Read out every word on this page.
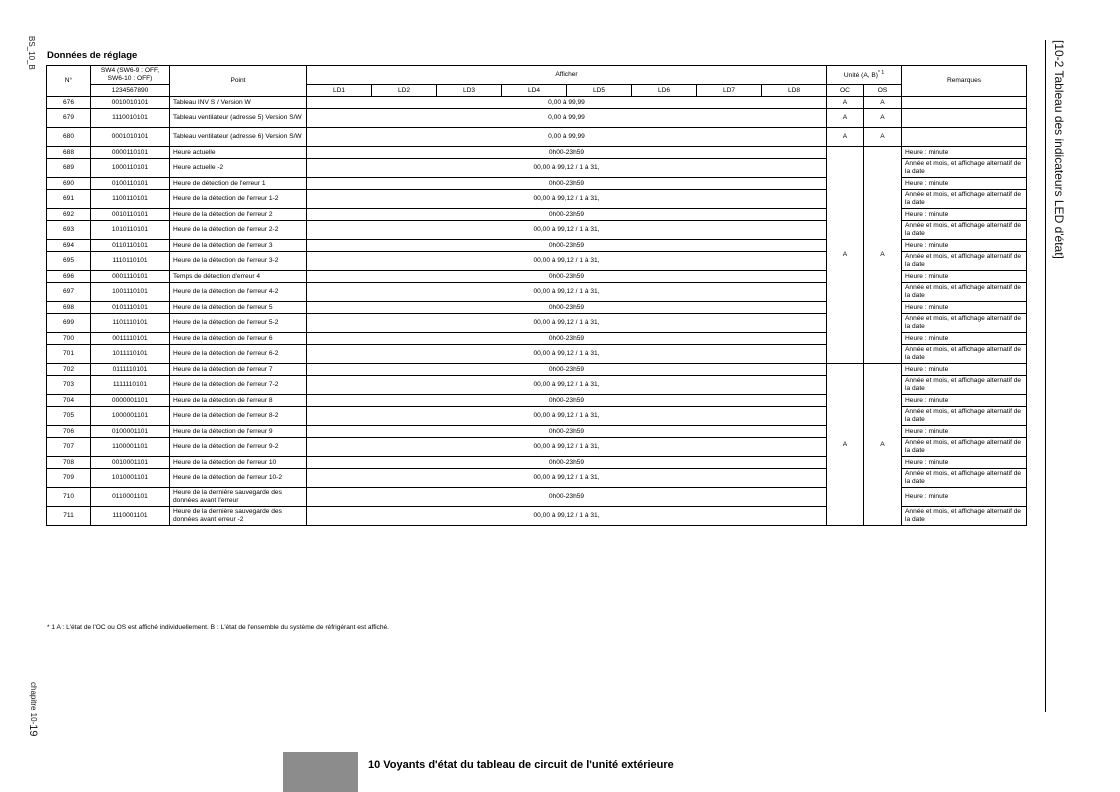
BS_10_B
chapitre 10-19
[10-2 Tableau des indicateurs LED d'état]
Données de réglage
N°	SW4 (SW6-9 : OFF, SW6-10 : OFF)	Point	Afficher								Unité (A, B)$^{* 1}$		Remarques
	1234567890		LD1	LD2	LD3	LD4	LD5	LD6	LD7	LD8	OC	OS	
676	0010010101	Tableau INV S / Version W	0,00 à 99,99								A	A	
679	1110010101	Tableau ventilateur (adresse 5) Version S/W	0,00 à 99,99								A	A	
680	0001010101	Tableau ventilateur (adresse 6) Version S/W	0,00 à 99,99								A	A	
688	0000110101	Heure actuelle	0h00-23h59								A	A	Heure : minute
689	1000110101	Heure actuelle -2	00,00 à 99,12 / 1 à 31,										Année et mois, et affichage alternatif de la date
690	0100110101	Heure de détection de l'erreur 1	0h00-23h59										Heure : minute
691	1100110101	Heure de la détection de l'erreur 1-2	00,00 à 99,12 / 1 à 31,										Année et mois, et affichage alternatif de la date
692	0010110101	Heure de la détection de l'erreur 2	0h00-23h59										Heure : minute
693	1010110101	Heure de la détection de l'erreur 2-2	00,00 à 99,12 / 1 à 31,										Année et mois, et affichage alternatif de la date
694	0110110101	Heure de la détection de l'erreur 3	0h00-23h59										Heure : minute
695	1110110101	Heure de la détection de l'erreur 3-2	00,00 à 99,12 / 1 à 31,										Année et mois, et affichage alternatif de la date
696	0001110101	Temps de détection d'erreur 4	0h00-23h59										Heure : minute
697	1001110101	Heure de la détection de l'erreur 4-2	00,00 à 99,12 / 1 à 31,										Année et mois, et affichage alternatif de la date
698	0101110101	Heure de la détection de l'erreur 5	0h00-23h59										Heure : minute
699	1101110101	Heure de la détection de l'erreur 5-2	00,00 à 99,12 / 1 à 31,										Année et mois, et affichage alternatif de la date
700	0011110101	Heure de la détection de l'erreur 6	0h00-23h59										Heure : minute
701	1011110101	Heure de la détection de l'erreur 6-2	00,00 à 99,12 / 1 à 31,										Année et mois, et affichage alternatif de la date
702	0111110101	Heure de la détection de l'erreur 7	0h00-23h59								A	A	Heure : minute
703	1111110101	Heure de la détection de l'erreur 7-2	00,00 à 99,12 / 1 à 31,										Année et mois, et affichage alternatif de la date
704	0000001101	Heure de la détection de l'erreur 8	0h00-23h59										Heure : minute
705	1000001101	Heure de la détection de l'erreur 8-2	00,00 à 99,12 / 1 à 31,										Année et mois, et affichage alternatif de la date
706	0100001101	Heure de la détection de l'erreur 9	0h00-23h59										Heure : minute
707	1100001101	Heure de la détection de l'erreur 9-2	00,00 à 99,12 / 1 à 31,										Année et mois, et affichage alternatif de la date
708	0010001101	Heure de la détection de l'erreur 10	0h00-23h59										Heure : minute
709	1010001101	Heure de la détection de l'erreur 10-2	00,00 à 99,12 / 1 à 31,										Année et mois, et affichage alternatif de la date
710	0110001101	Heure de la dernière sauvegarde des données avant l'erreur	0h00-23h59										Heure : minute
711	1110001101	Heure de la dernière sauvegarde des données avant erreur -2	00,00 à 99,12 / 1 à 31,										Année et mois, et affichage alternatif de la date
* 1 A : L'état de l'OC ou OS est affiché individuellement. B : L'état de l'ensemble du système de réfrigérant est affiché.
10 Voyants d'état du tableau de circuit de l'unité extérieure
